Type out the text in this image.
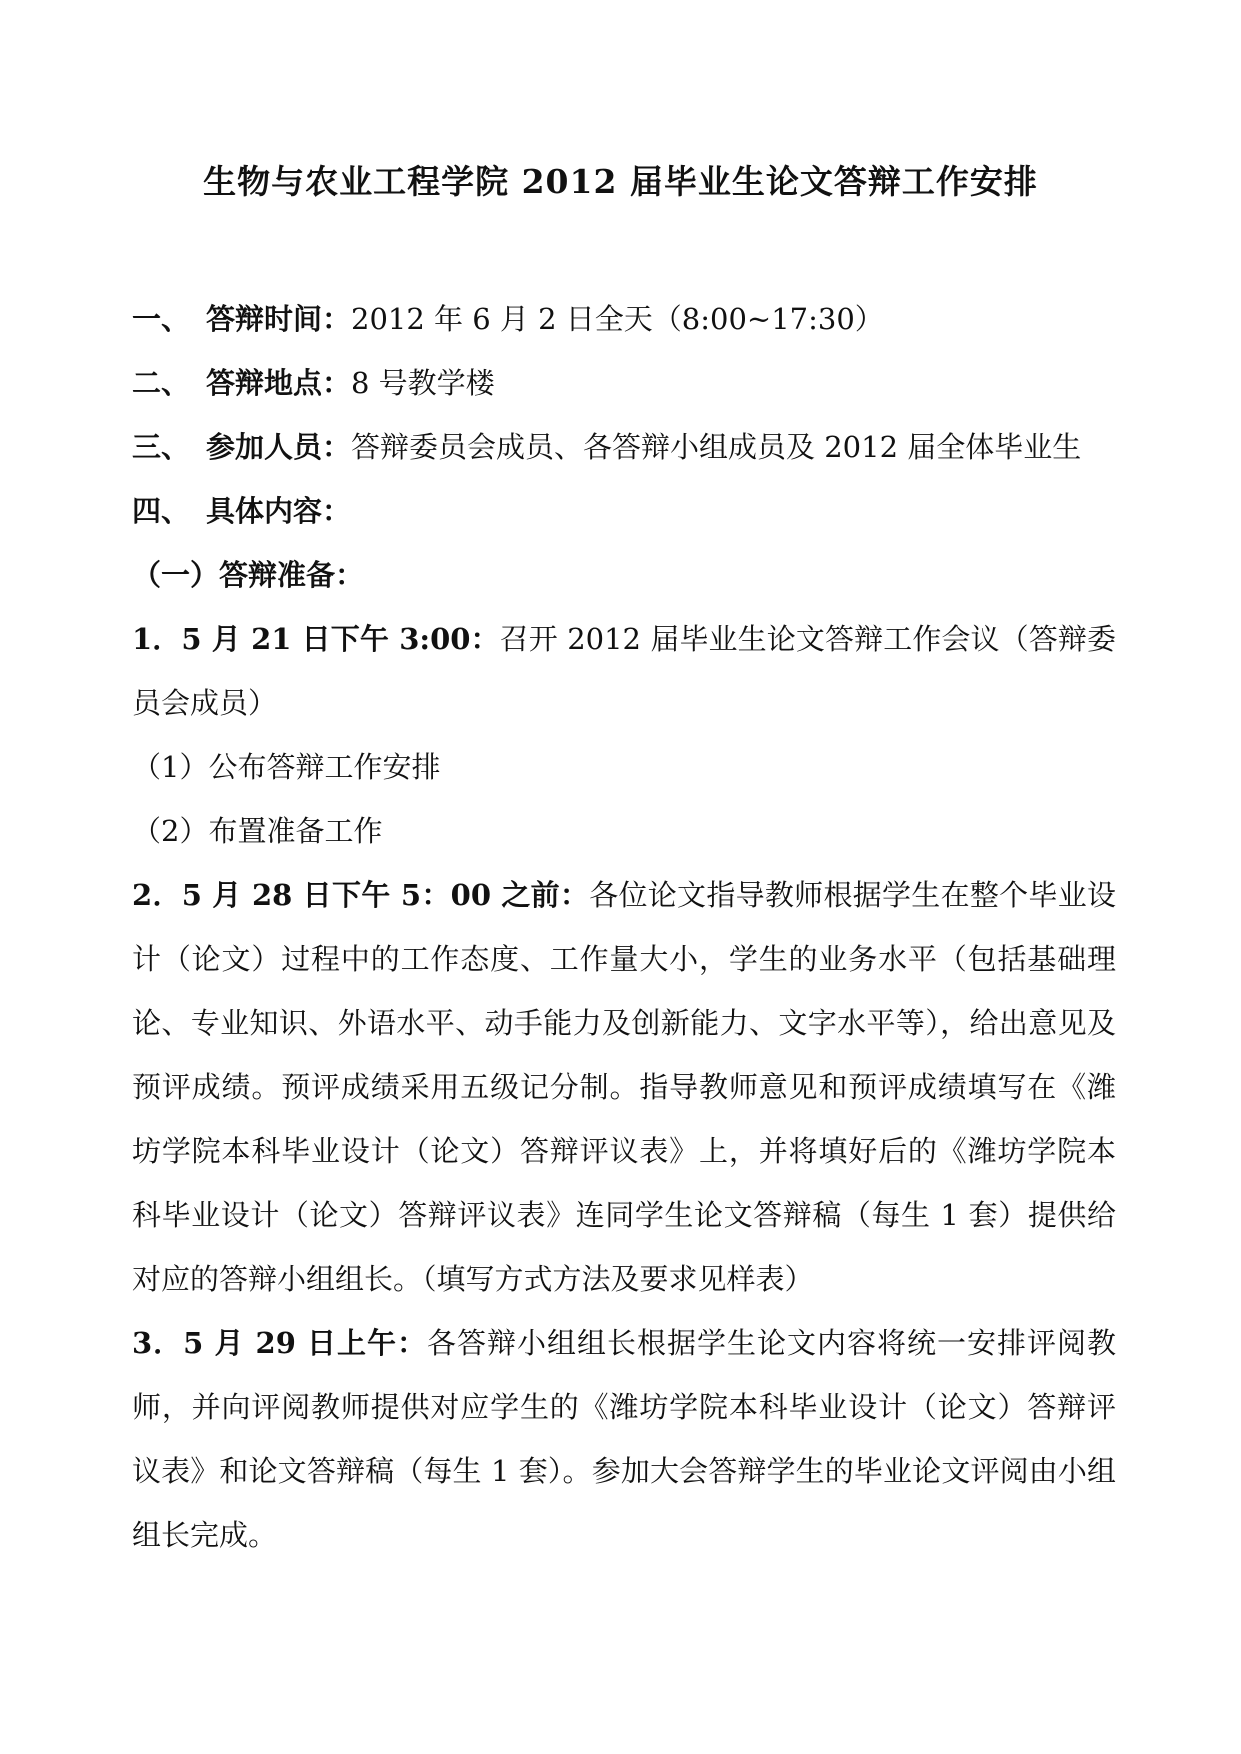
生物与农业工程学院 2012 届毕业生论文答辩工作安排
一、 答辩时间：2012 年 6 月 2 日全天（8:00~17:30）
二、 答辩地点：8 号教学楼
三、 参加人员：答辩委员会成员、各答辩小组成员及 2012 届全体毕业生
四、 具体内容：
（一）答辩准备：
1．5 月 21 日下午 3:00：召开 2012 届毕业生论文答辩工作会议（答辩委员会成员）
（1）公布答辩工作安排
（2）布置准备工作
2．5 月 28 日下午 5：00 之前：各位论文指导教师根据学生在整个毕业设计（论文）过程中的工作态度、工作量大小，学生的业务水平（包括基础理论、专业知识、外语水平、动手能力及创新能力、文字水平等），给出意见及预评成绩。预评成绩采用五级记分制。指导教师意见和预评成绩填写在《潍坊学院本科毕业设计（论文）答辩评议表》上，并将填好后的《潍坊学院本科毕业设计（论文）答辩评议表》连同学生论文答辩稿（每生 1 套）提供给对应的答辩小组组长。（填写方式方法及要求见样表）
3．5 月 29 日上午：各答辩小组组长根据学生论文内容将统一安排评阅教师，并向评阅教师提供对应学生的《潍坊学院本科毕业设计（论文）答辩评议表》和论文答辩稿（每生 1 套）。参加大会答辩学生的毕业论文评阅由小组组长完成。
